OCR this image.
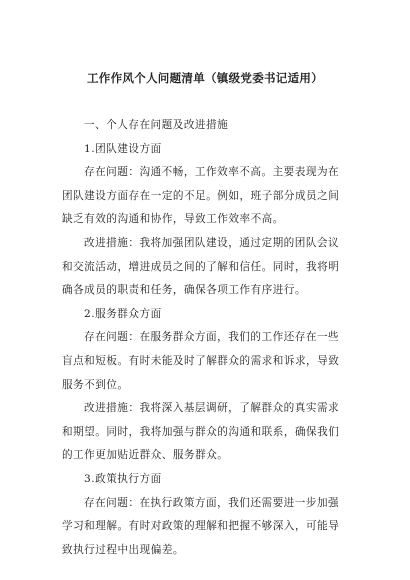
工作作风个人问题清单（镇级党委书记适用）
一、个人存在问题及改进措施
1.团队建设方面
存在问题：沟通不畅，工作效率不高。主要表现为在
团队建设方面存在一定的不足。例如，班子部分成员之间
缺乏有效的沟通和协作，导致工作效率不高。
改进措施：我将加强团队建设，通过定期的团队会议
和交流活动，增进成员之间的了解和信任。同时，我将明
确各成员的职责和任务，确保各项工作有序进行。
2.服务群众方面
存在问题：在服务群众方面，我们的工作还存在一些
盲点和短板。有时未能及时了解群众的需求和诉求，导致
服务不到位。
改进措施：我将深入基层调研，了解群众的真实需求
和期望。同时，我将加强与群众的沟通和联系，确保我们
的工作更加贴近群众、服务群众。
3.政策执行方面
存在问题：在执行政策方面，我们还需要进一步加强
学习和理解。有时对政策的理解和把握不够深入，可能导
致执行过程中出现偏差。
